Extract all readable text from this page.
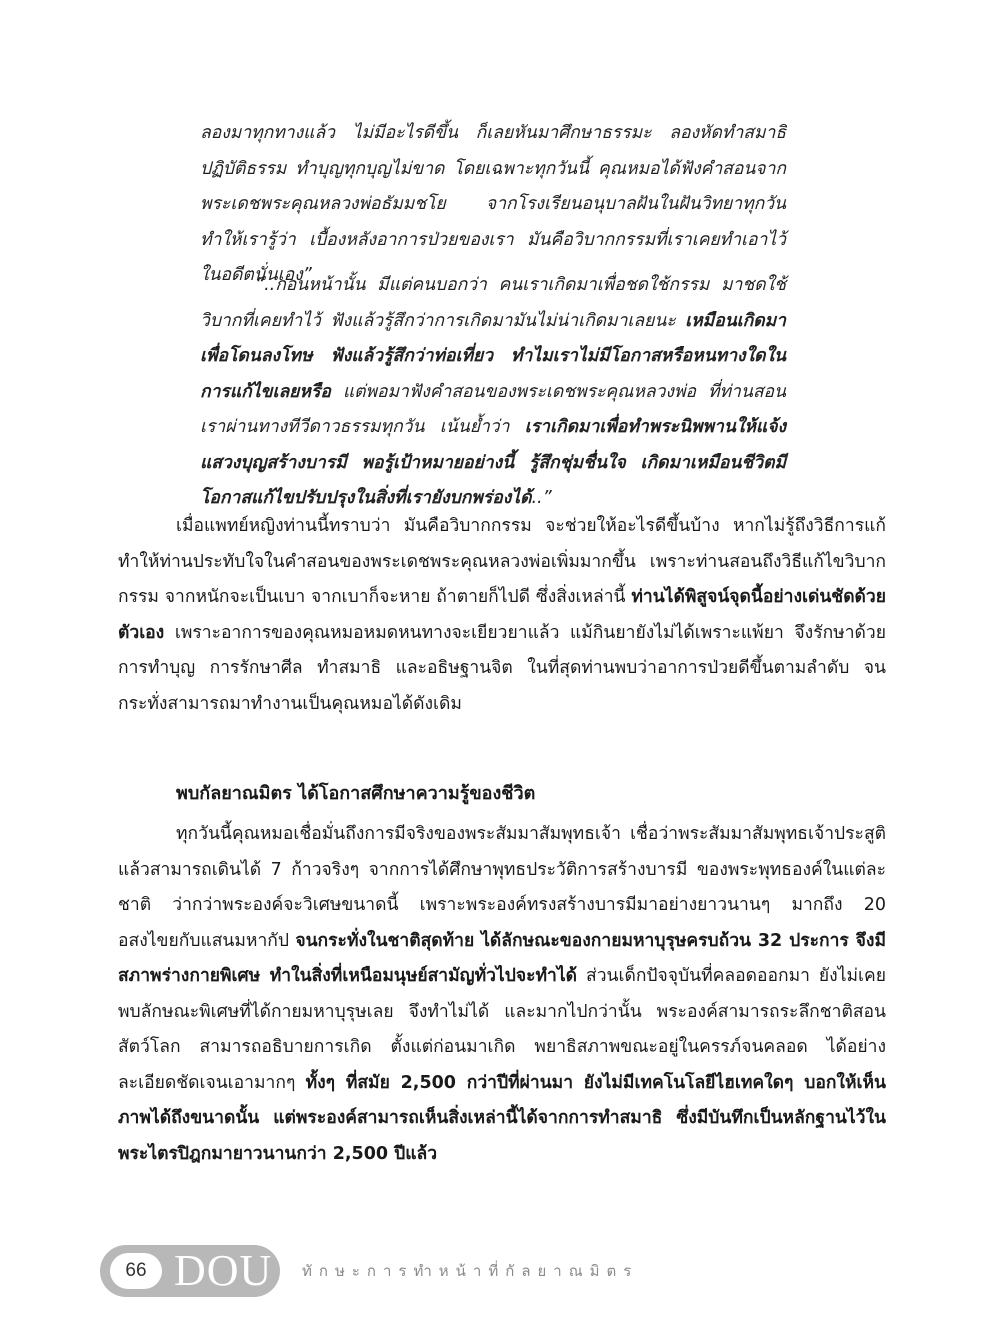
ลองมาทุกทางแล้ว ไม่มีอะไรดีขึ้น ก็เลยหันมาศึกษาธรรมะ ลองหัดทำสมาธิปฏิบัติธรรม ทำบุญทุกบุญไม่ขาด โดยเฉพาะทุกวันนี้ คุณหมอได้ฟังคำสอนจากพระเดชพระคุณหลวงพ่อธัมมชโย จากโรงเรียนอนุบาลฝันในฝันวิทยาทุกวัน ทำให้เรารู้ว่า เบื้องหลังอาการป่วยของเรา มันคือวิบากกรรมที่เราเคยทำเอาไว้ในอดีตนั่นเอง”

“..ก่อนหน้านั้น มีแต่คนบอกว่า คนเราเกิดมาเพื่อชดใช้กรรม มาชดใช้วิบากที่เคยทำไว้ ฟังแล้วรู้สึกว่าการเกิดมามันไม่น่าเกิดมาเลยนะ เหมือนเกิดมาเพื่อโดนลงโทษ ฟังแล้วรู้สึกว่าท่อเที่ยว ทำไมเราไม่มีโอกาสหรือหนทางใดในการแก้ไขเลยหรือ แต่พอมาฟังคำสอนของพระเดชพระคุณหลวงพ่อ ที่ท่านสอนเราผ่านทางทีวีดาวธรรมทุกวัน เน้นย้ำว่า เราเกิดมาเพื่อทำพระนิพพานให้แจ้ง แสวงบุญสร้างบารมี พอรู้เป้าหมายอย่างนี้ รู้สึกชุ่มชื่นใจ เกิดมาเหมือนชีวิตมีโอกาสแก้ไขปรับปรุงในสิ่งที่เรายังบกพร่องได้..”

เมื่อแพทย์หญิงท่านนี้ทราบว่า มันคือวิบากกรรม จะช่วยให้อะไรดีขึ้นบ้าง หากไม่รู้ถึงวิธีการแก้ ทำให้ท่านประทับใจในคำสอนของพระเดชพระคุณหลวงพ่อเพิ่มมากขึ้น เพราะท่านสอนถึงวิธีแก้ไขวิบากกรรม จากหนักจะเป็นเบา จากเบาก็จะหาย ถ้าตายก็ไปดี ซึ่งสิ่งเหล่านี้ ท่านได้พิสูจน์จุดนี้อย่างเด่นชัดด้วยตัวเอง เพราะอาการของคุณหมอหมดหนทางจะเยียวยาแล้ว แม้กินยายังไม่ได้เพราะแพ้ยา จึงรักษาด้วยการทำบุญ การรักษาศีล ทำสมาธิ และอธิษฐานจิต ในที่สุดท่านพบว่าอาการป่วยดีขึ้นตามลำดับ จนกระทั่งสามารถมาทำงานเป็นคุณหมอได้ดังเดิม

พบกัลยาณมิตร ได้โอกาสศึกษาความรู้ของชีวิต

ทุกวันนี้คุณหมอเชื่อมั่นถึงการมีจริงของพระสัมมาสัมพุทธเจ้า เชื่อว่าพระสัมมาสัมพุทธเจ้าประสูติแล้วสามารถเดินได้ 7 ก้าวจริงๆ จากการได้ศึกษาพุทธประวัติการสร้างบารมี ของพระพุทธองค์ในแต่ละชาติ ว่ากว่าพระองค์จะวิเศษขนาดนี้ เพราะพระองค์ทรงสร้างบารมีมาอย่างยาวนานๆ มากถึง 20 อสงไขยกับแสนมหากัป จนกระทั่งในชาติสุดท้าย ได้ลักษณะของกายมหาบุรุษครบถ้วน 32 ประการ จึงมีสภาพร่างกายพิเศษ ทำในสิ่งที่เหนือมนุษย์สามัญทั่วไปจะทำได้ ส่วนเด็กปัจจุบันที่คลอดออกมา ยังไม่เคยพบลักษณะพิเศษที่ได้กายมหาบุรุษเลย จึงทำไม่ได้ และมากไปกว่านั้น พระองค์สามารถระลึกชาติสอนสัตว์โลก สามารถอธิบายการเกิด ตั้งแต่ก่อนมาเกิด พยาธิสภาพขณะอยู่ในครรภ์จนคลอด ได้อย่างละเอียดชัดเจนเอามากๆ ทั้งๆ ที่สมัย 2,500 กว่าปีที่ผ่านมา ยังไม่มีเทคโนโลยีไฮเทคใดๆ บอกให้เห็นภาพได้ถึงขนาดนั้น แต่พระองค์สามารถเห็นสิ่งเหล่านี้ได้จากการทำสมาธิ ซึ่งมีบันทึกเป็นหลักฐานไว้ในพระไตรปิฎกมายาวนานกว่า 2,500 ปีแล้ว

66 DOU ทักษะการทำหน้าที่กัลยาณมิตร
